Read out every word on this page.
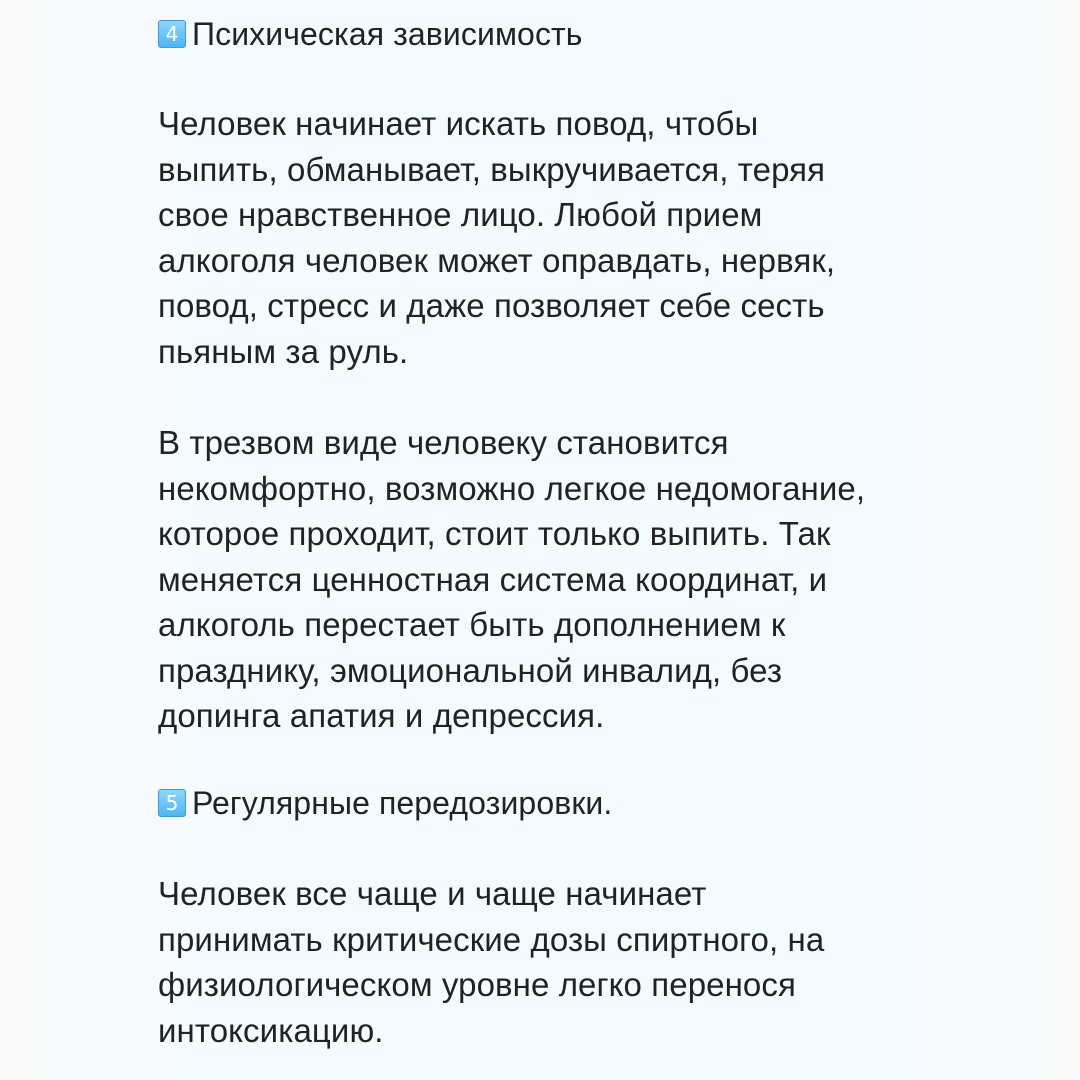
4 Психическая зависимость

Человек начинает искать повод, чтобы
выпить, обманывает, выкручивается, теряя
свое нравственное лицо. Любой прием
алкоголя человек может оправдать, нервяк,
повод, стресс и даже позволяет себе сесть
пьяным за руль.

В трезвом виде человеку становится
некомфортно, возможно легкое недомогание,
которое проходит, стоит только выпить. Так
меняется ценностная система координат, и
алкоголь перестает быть дополнением к
празднику, эмоциональной инвалид, без
допинга апатия и депрессия.

5 Регулярные передозировки.

Человек все чаще и чаще начинает
принимать критические дозы спиртного, на
физиологическом уровне легко перенося
интоксикацию.
